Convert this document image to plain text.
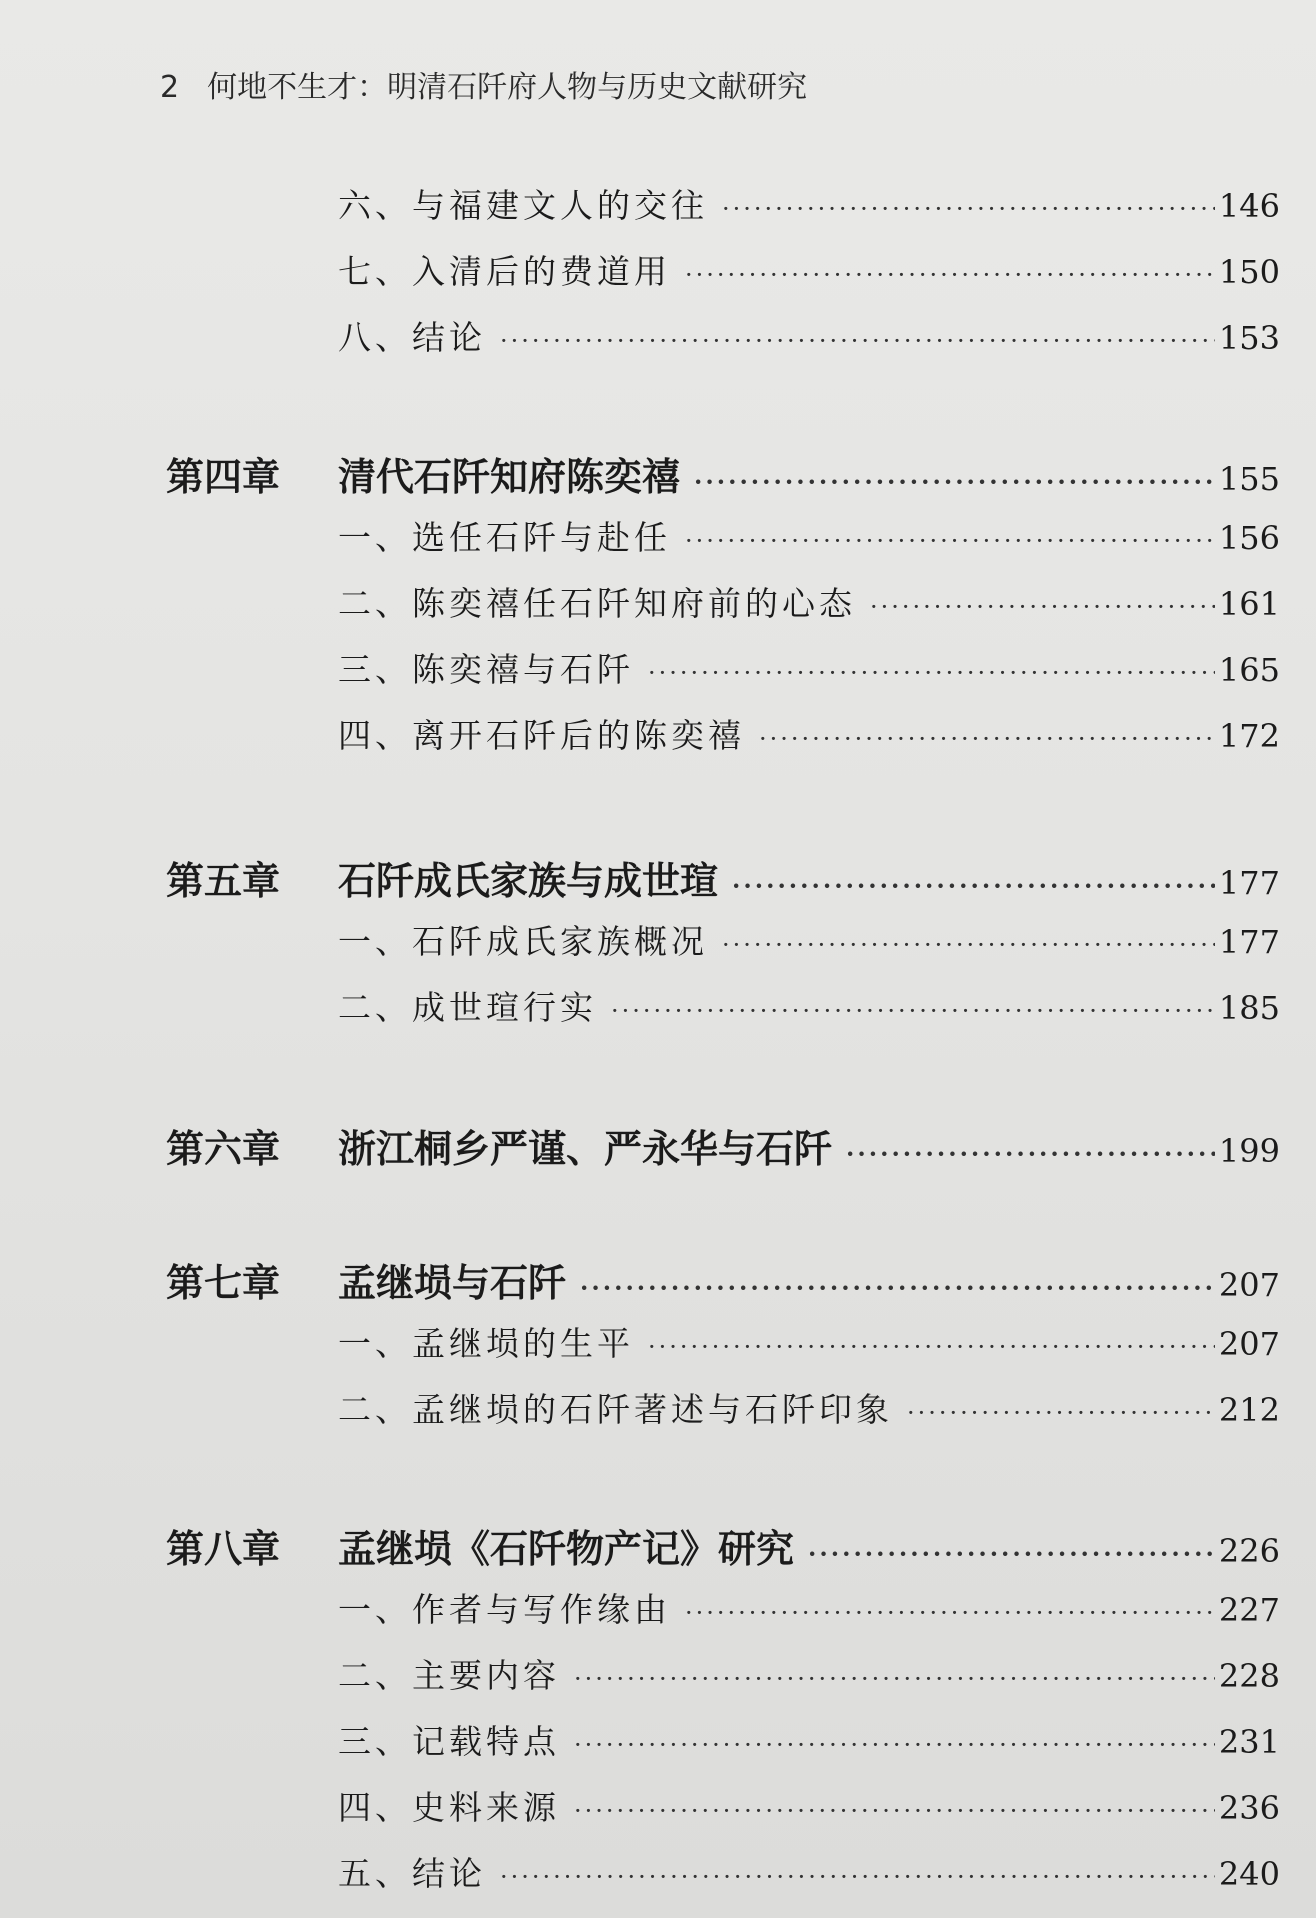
2 何地不生才：明清石阡府人物与历史文献研究
六、与福建文人的交往 ·····	146
七、入清后的费道用 ·····	150
八、结论 ·····	153
第四章 清代石阡知府陈奕禧 ·····	155
一、选任石阡与赴任 ·····	156
二、陈奕禧任石阡知府前的心态 ·····	161
三、陈奕禧与石阡 ·····	165
四、离开石阡后的陈奕禧 ·····	172
第五章 石阡成氏家族与成世瑄 ·····	177
一、石阡成氏家族概况 ·····	177
二、成世瑄行实 ·····	185
第六章 浙江桐乡严谨、严永华与石阡 ·····	199
第七章 孟继埙与石阡 ·····	207
一、孟继埙的生平 ·····	207
二、孟继埙的石阡著述与石阡印象 ·····	212
第八章 孟继埙《石阡物产记》研究 ·····	226
一、作者与写作缘由 ·····	227
二、主要内容 ·····	228
三、记载特点 ·····	231
四、史料来源 ·····	236
五、结论 ·····	240
